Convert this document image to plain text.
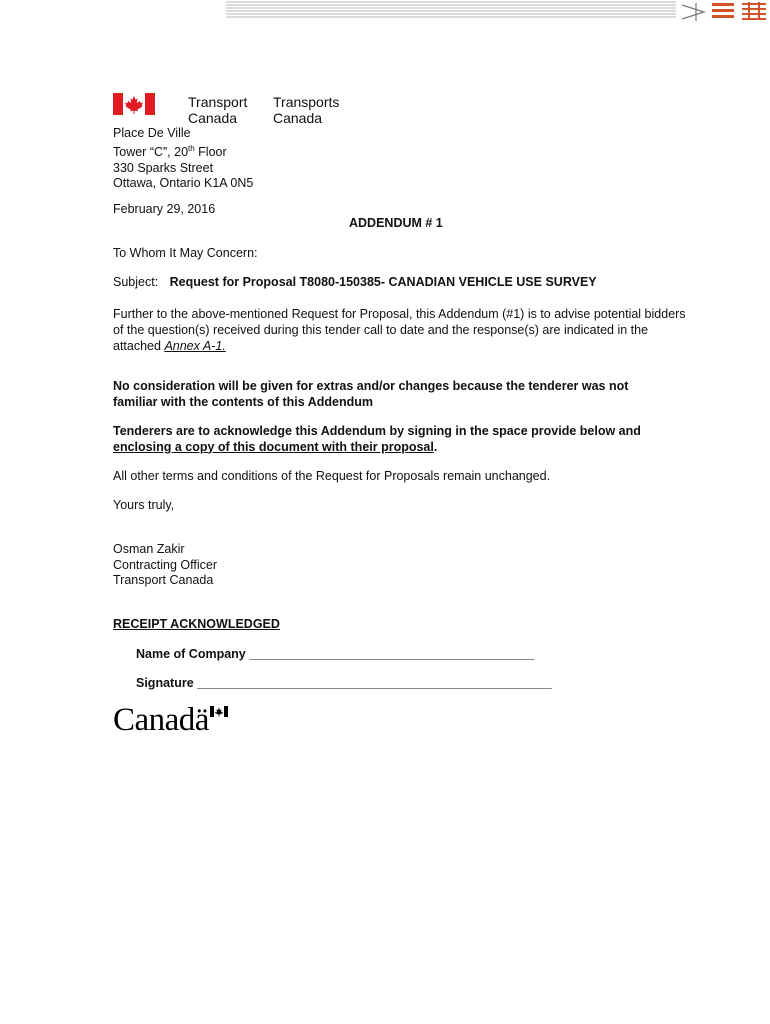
Transport
Canada
Transports
Canada
Place De Ville
Tower “C”, 20th Floor
330 Sparks Street
Ottawa, Ontario K1A 0N5

February 29, 2016

ADDENDUM # 1

To Whom It May Concern:

Subject: Request for Proposal T8080-150385- CANADIAN VEHICLE USE SURVEY
Further to the above-mentioned Request for Proposal, this Addendum (#1) is to advise potential bidders
of the question(s) received during this tender call to date and the response(s) are indicated in the
attached Annex A-1.
No consideration will be given for extras and/or changes because the tenderer was not
familiar with the contents of this Addendum
Tenderers are to acknowledge this Addendum by signing in the space provide below and
enclosing a copy of this document with their proposal.

All other terms and conditions of the Request for Proposals remain unchanged.

Yours truly,

Osman Zakir
Contracting Officer
Transport Canada

RECEIPT ACKNOWLEDGED

Name of Company _________________________________________

Signature ___________________________________________________

Canadä
